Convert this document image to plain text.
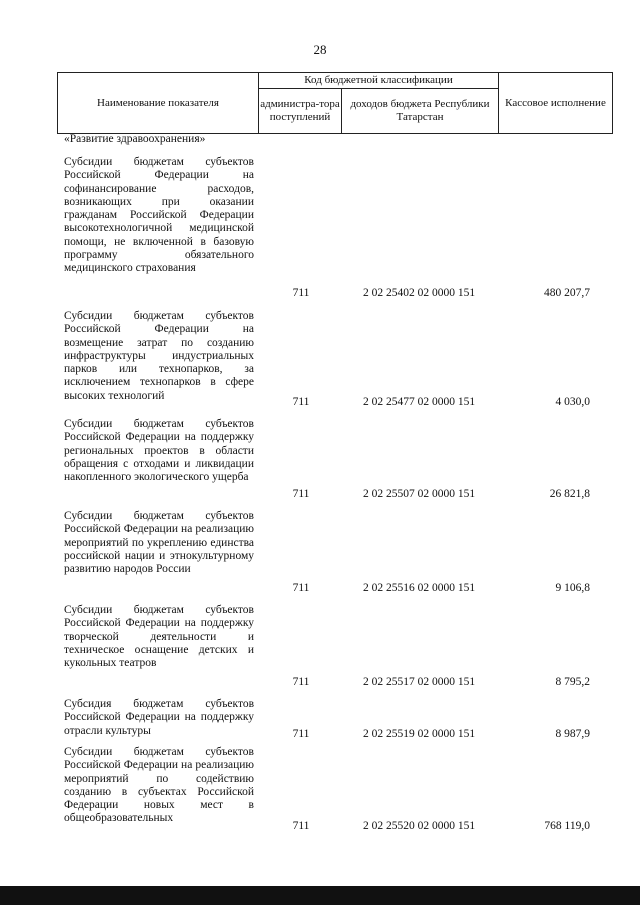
28
Наименование показателя
Код бюджетной классификации
администра-тора поступлений
доходов бюджета Республики Татарстан
Кассовое исполнение
«Развитие здравоохранения»
Субсидии бюджетам субъектов Российской Федерации на софинансирование расходов, возникающих при оказании гражданам Российской Федерации высокотехнологичной медицинской помощи, не включенной в базовую программу обязательного медицинского страхования
711	2 02 25402 02 0000 151	480 207,7
Субсидии бюджетам субъектов Российской Федерации на возмещение затрат по созданию инфраструктуры индустриальных парков или технопарков, за исключением технопарков в сфере высоких технологий
711	2 02 25477 02 0000 151	4 030,0
Субсидии бюджетам субъектов Российской Федерации на поддержку региональных проектов в области обращения с отходами и ликвидации накопленного экологического ущерба
711	2 02 25507 02 0000 151	26 821,8
Субсидии бюджетам субъектов Российской Федерации на реализацию мероприятий по укреплению единства российской нации и этнокультурному развитию народов России
711	2 02 25516 02 0000 151	9 106,8
Субсидии бюджетам субъектов Российской Федерации на поддержку творческой деятельности и техническое оснащение детских и кукольных театров
711	2 02 25517 02 0000 151	8 795,2
Субсидия бюджетам субъектов Российской Федерации на поддержку отрасли культуры	711	2 02 25519 02 0000 151	8 987,9
Субсидии бюджетам субъектов Российской Федерации на реализацию мероприятий по содействию созданию в субъектах Российской Федерации новых мест в общеобразовательных
711	2 02 25520 02 0000 151	768 119,0
